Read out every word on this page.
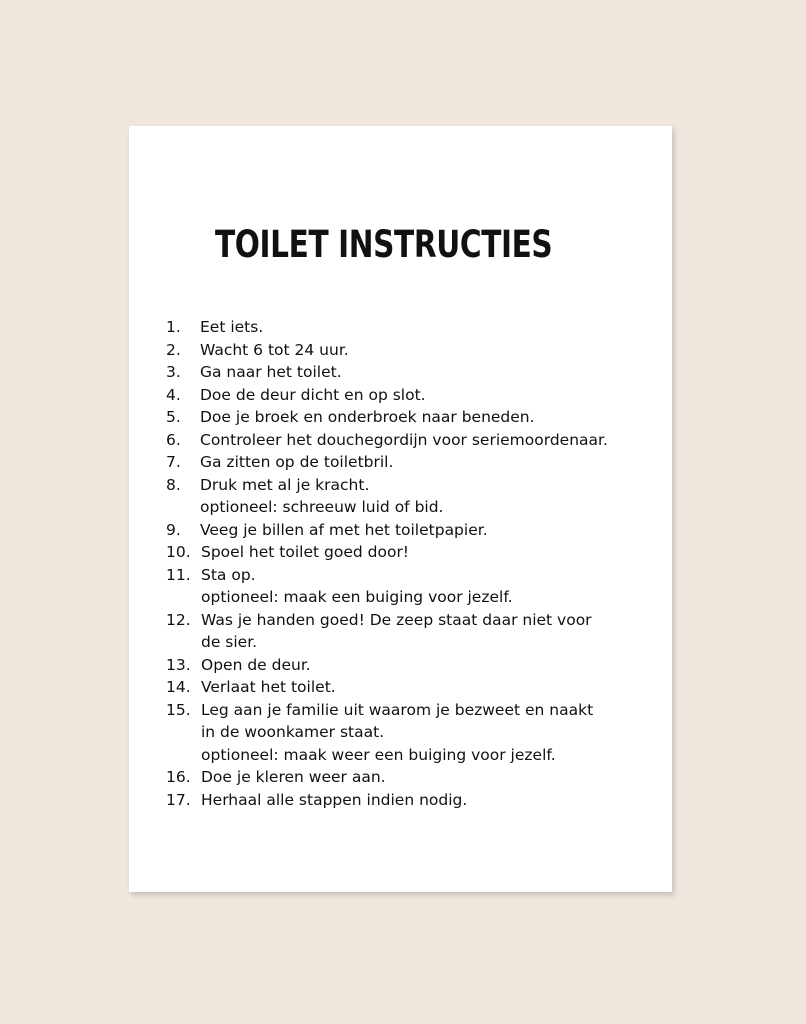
TOILET INSTRUCTIES
1. Eet iets.
2. Wacht 6 tot 24 uur.
3. Ga naar het toilet.
4. Doe de deur dicht en op slot.
5. Doe je broek en onderbroek naar beneden.
6. Controleer het douchegordijn voor seriemoordenaar.
7. Ga zitten op de toiletbril.
8. Druk met al je kracht.
optioneel: schreeuw luid of bid.
9. Veeg je billen af met het toiletpapier.
10. Spoel het toilet goed door!
11. Sta op.
optioneel: maak een buiging voor jezelf.
12. Was je handen goed! De zeep staat daar niet voor
de sier.
13. Open de deur.
14. Verlaat het toilet.
15. Leg aan je familie uit waarom je bezweet en naakt
in de woonkamer staat.
optioneel: maak weer een buiging voor jezelf.
16. Doe je kleren weer aan.
17. Herhaal alle stappen indien nodig.
